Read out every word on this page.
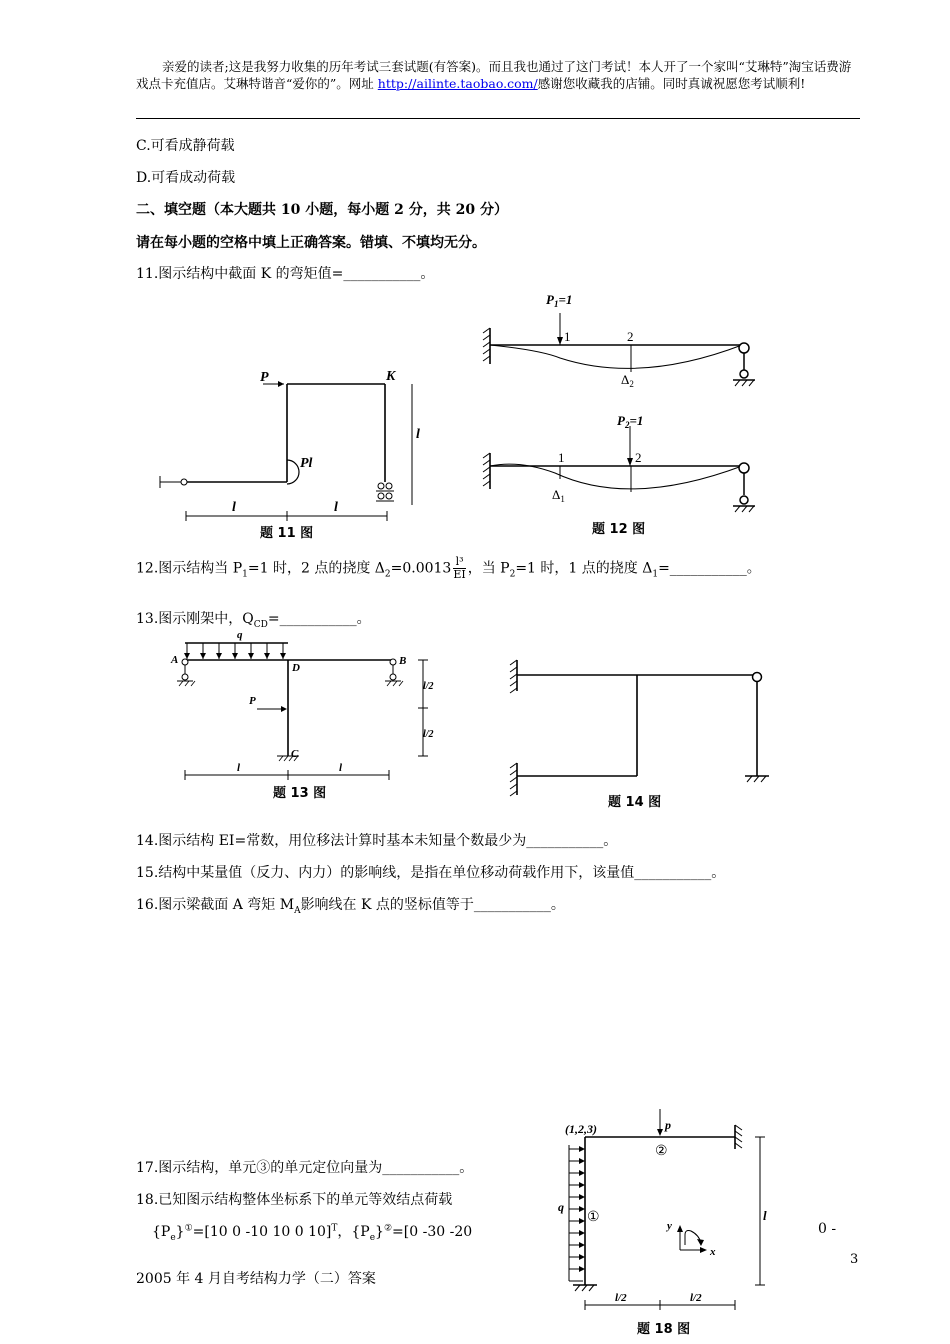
亲爱的读者;这是我努力收集的历年考试三套试题(有答案)。而且我也通过了这门考试！本人开了一个家叫“艾琳特”淘宝话费游戏点卡充值店。艾琳特谐音“爱你的”。网址 http://ailinte.taobao.com/感谢您收藏我的店铺。同时真诚祝愿您考试顺利!
C.可看成静荷载
D.可看成动荷载
二、填空题（本大题共 10 小题，每小题 2 分，共 20 分）
请在每小题的空格中填上正确答案。错填、不填均无分。
11.图示结构中截面 K 的弯矩值=___________。
P	K
Pl
l
l	l
题 11 图
$P_1=1$
1	2
$\Delta_2$
$P_2=1$
1	2
$\Delta_1$
题 12 图
12.图示结构当 $P_1=1$ 时，2 点的挠度 $\Delta_2=0.0013 \frac{\text{l³}}{EI}$ ，当 $P_2=1$ 时，1 点的挠度 $\Delta_1=\_\_\_\_\_\_\_\_\_\_\_$。
13.图示刚架中，$Q_{CD}=\_\_\_\_\_\_\_\_\_\_\_$。
q
A	B
D
C
P
l	l
l/2
l/2
题 13 图
题 14 图
14.图示结构 EI=常数，用位移法计算时基本未知量个数最少为___________。
15.结构中某量值（反力、内力）的影响线，是指在单位移动荷载作用下，该量值___________。
16.图示梁截面 A 弯矩 $M_A$影响线在 K 点的竖标值等于___________。
(1,2,3)	p
②
①
q
l
y
x
l/2	l/2
题 18 图
17.图示结构，单元③的单元定位向量为___________。
18.已知图示结构整体坐标系下的单元等效结点荷载
$\{P_e\}^①=[10$ 0 -10 10 0 10]$^T$，$\{P_e\}^②=[0$ -30 -20	0 -
3
2005 年 4 月自考结构力学（二）答案
